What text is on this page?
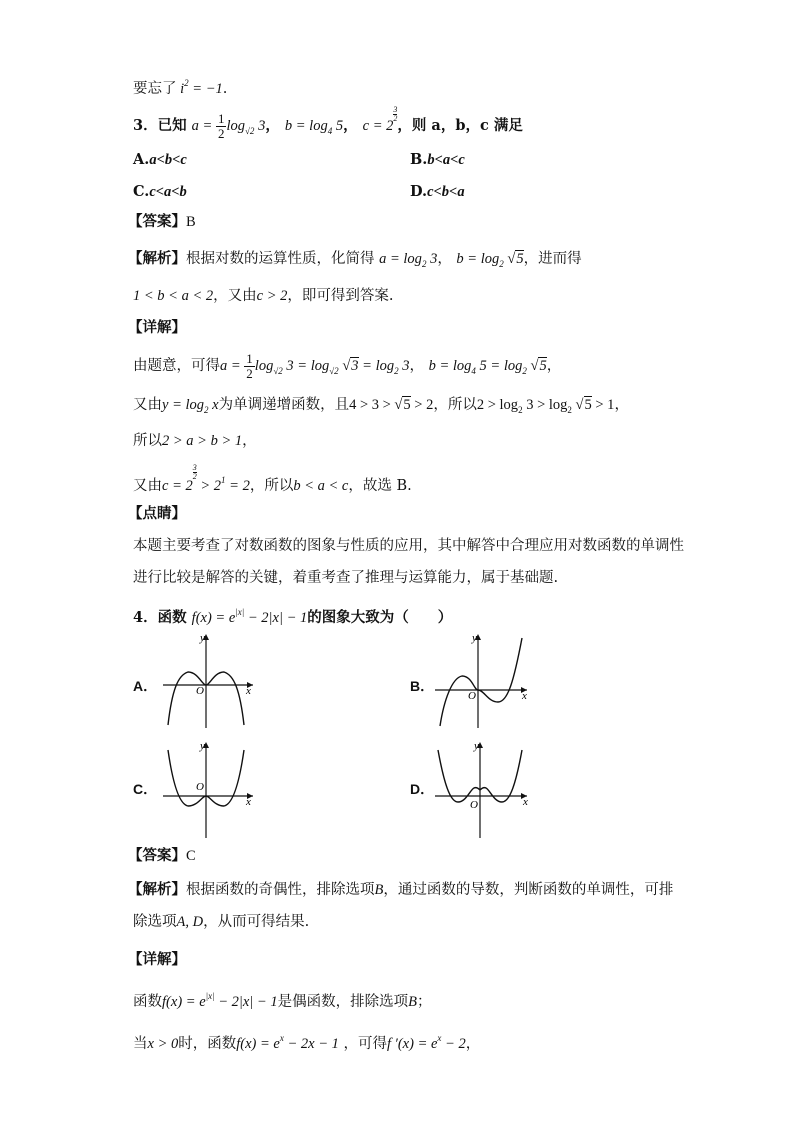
要忘了 $i^2 = -1$.
3．已知 $a = \frac{1}{2} \log_{√2} 3$， $b = \log_4 5$， c = 2
$\frac{3}{2}$，则 a，b，c 满足
A.a<b<c	B.b<a<c
C.c<a<b	D.c<b<a
【答案】B
【解析】根据对数的运算性质，化简得 $a = \log_2 3$， $b = \log_2 √5$，进而得
1 < b < a < 2，又由c > 2，即可得到答案.
【详解】
由题意，可得$a = \frac{1}{2} \log_{√2} 3 = \log_{√2} √3 = \log_2 3$， $b = \log_4 5 = \log_2 √5$，
又由$y = \log_2 x$为单调递增函数，且4 > 3 > √5 > 2，所以$2 > \log_2 3 > \log_2 √5 > 1$，
所以2 > a > b > 1，
又由c = 2
$\frac{3}{2} > 2^1 = 2$，所以b < a < c，故选 B.
【点睛】
本题主要考查了对数函数的图象与性质的应用，其中解答中合理应用对数函数的单调性
进行比较是解答的关键，着重考查了推理与运算能力，属于基础题.
4．函数 $f(x) = e^{|x|} - 2|x| - 1$的图象大致为（　　）
A．	x
y
O	B．
x
y
O
C．
x
y
O	D．
x
y
O
【答案】C
【解析】根据函数的奇偶性，排除选项B，通过函数的导数，判断函数的单调性，可排
除选项A, D，从而可得结果.
【详解】
函数$f(x) = e^{|x|} - 2|x| - 1$是偶函数，排除选项B；
当x > 0时，函数$f(x) = e^x - 2x - 1$ ，可得f $'(x) = e^x - 2$，
